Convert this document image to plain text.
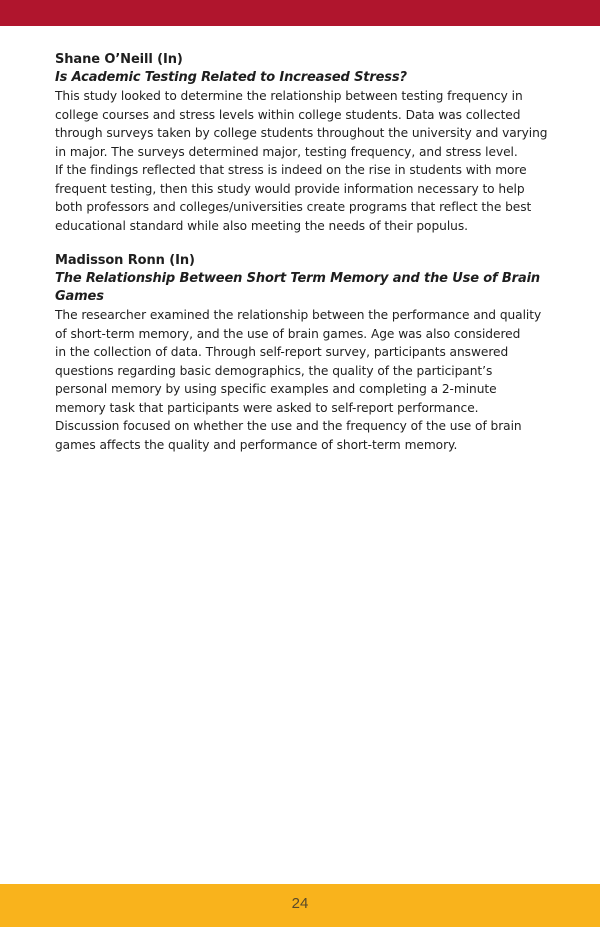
Shane O’Neill (In)
Is Academic Testing Related to Increased Stress?
This study looked to determine the relationship between testing frequency in
college courses and stress levels within college students. Data was collected
through surveys taken by college students throughout the university and varying
in major. The surveys determined major, testing frequency, and stress level.
If the findings reflected that stress is indeed on the rise in students with more
frequent testing, then this study would provide information necessary to help
both professors and colleges/universities create programs that reflect the best
educational standard while also meeting the needs of their populus.
Madisson Ronn (In)
The Relationship Between Short Term Memory and the Use of Brain Games
The researcher examined the relationship between the performance and quality
of short-term memory, and the use of brain games. Age was also considered
in the collection of data. Through self-report survey, participants answered
questions regarding basic demographics, the quality of the participant’s
personal memory by using specific examples and completing a 2-minute
memory task that participants were asked to self-report performance.
Discussion focused on whether the use and the frequency of the use of brain
games affects the quality and performance of short-term memory.
24
